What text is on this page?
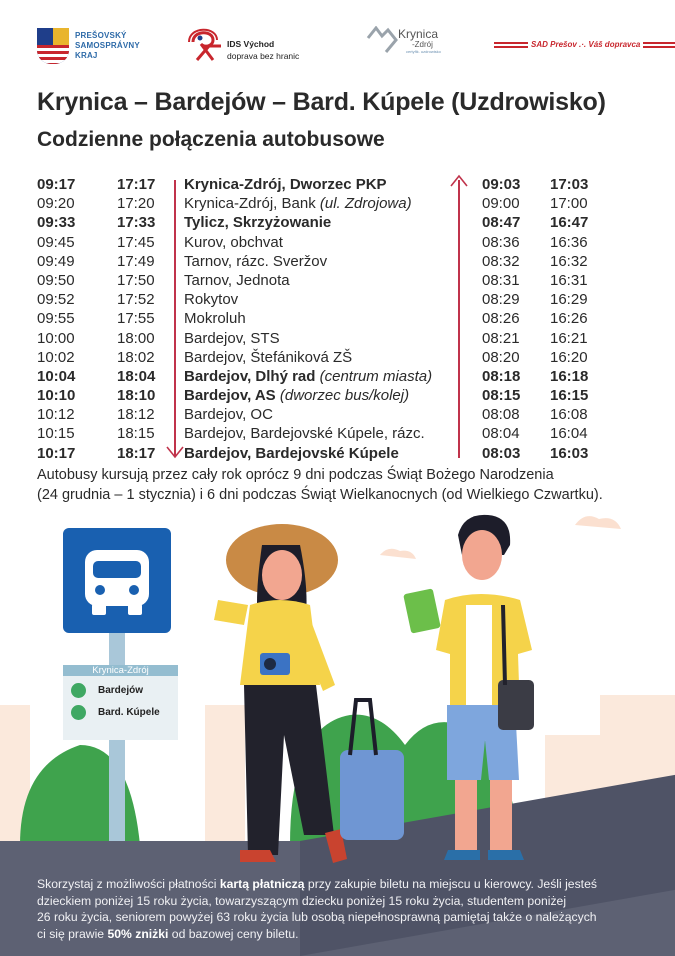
PREŠOVSKÝ
SAMOSPRÁVNY
KRAJ
IDS Východ
doprava bez hranic
Krynica
-Zdrój
certyfik. uzdrowisko
SAD Prešov .·. Váš dopravca
Krynica – Bardejów – Bard. Kúpele (Uzdrowisko)
Codzienne połączenia autobusowe
09:17	17:17	Krynica-Zdrój, Dworzec PKP	09:03 17:03
09:20	17:20	Krynica-Zdrój, Bank (ul. Zdrojowa)	09:00 17:00
09:33	17:33	Tylicz, Skrzyżowanie	08:47 16:47
09:45	17:45	Kurov, obchvat	08:36 16:36
09:49	17:49	Tarnov, rázc. Sveržov	08:32 16:32
09:50	17:50	Tarnov, Jednota	08:31 16:31
09:52	17:52	Rokytov	08:29 16:29
09:55	17:55	Mokroluh	08:26 16:26
10:00	18:00	Bardejov, STS	08:21 16:21
10:02	18:02	Bardejov, Štefániková ZŠ	08:20 16:20
10:04	18:04	Bardejov, Dlhý rad (centrum miasta)	08:18 16:18
10:10	18:10	Bardejov, AS (dworzec bus/kolej)	08:15 16:15
10:12	18:12	Bardejov, OC	08:08 16:08
10:15	18:15	Bardejov, Bardejovské Kúpele, rázc.	08:04 16:04
10:17	18:17	Bardejov, Bardejovské Kúpele	08:03 16:03
Autobusy kursują przez cały rok oprócz 9 dni podczas Świąt Bożego Narodzenia
(24 grudnia – 1 stycznia) i 6 dni podczas Świąt Wielkanocnych (od Wielkiego Czwartku).
Krynica-Zdrój
Bardejów
Bard. Kúpele
Skorzystaj z możliwości płatności kartą płatniczą przy zakupie biletu na miejscu u kierowcy. Jeśli jesteś
dzieckiem poniżej 15 roku życia, towarzyszącym dziecku poniżej 15 roku życia, studentem poniżej
26 roku życia, seniorem powyżej 63 roku życia lub osobą niepełnosprawną pamiętaj także o należących
ci się prawie 50% zniżki od bazowej ceny biletu.
